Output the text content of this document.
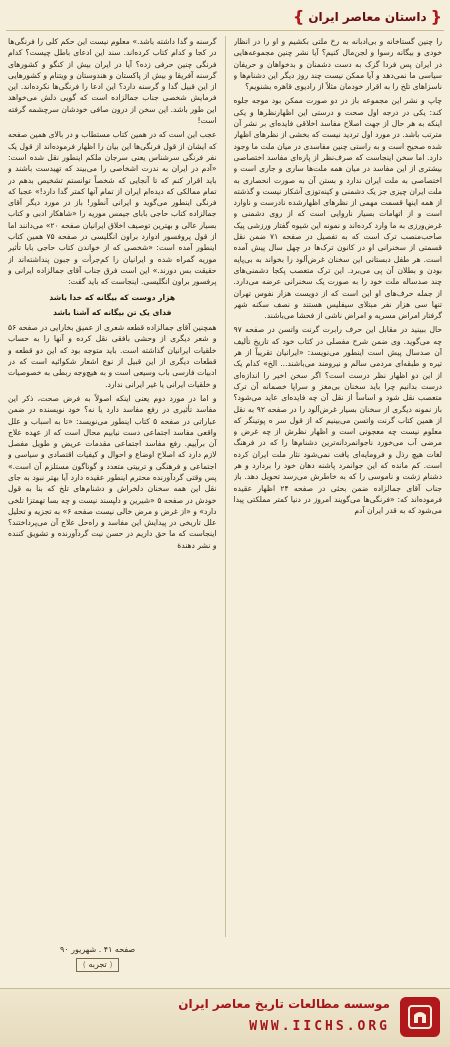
{
داستان معاصر ایران
}

گرسنه و گدا داشته باشد.» معلوم نیست این حکم کلی را فرنگی‌ها در کجا و کدام کتاب کرده‌اند. سند این ادعای باطل چیست؟ کدام فرنگی چنین حرفی زده؟ آیا در ایران بیش از کنگو و کشورهای گرسنه آفریقا و بیش از پاکستان و هندوستان و ویتنام و کشورهایی از این قبیل گدا و گرسنه دارد؟ این ادعا را فرنگی‌ها نکرده‌اند. این فرمایش شخصی جناب جمالزاده است که گویی دلش می‌خواهد این طور باشد. این سخن از درون صافی خودشان سرچشمه گرفته است!

عجب این است که در همین کتاب مستطاب و در بالای همین صفحه که ایشان از قول فرنگی‌ها این بیان را اظهار فرموده‌اند از قول یک نفر فرنگی سرشناس یعنی سرجان ملکم اینطور نقل شده است: «آدم در ایران به ندرت اشخاصی را می‌بیند که تهیدست باشند و باید اقرار کنم که تا آنجایی که شخصاً توانستم تشخیص بدهم در تمام ممالکی که دیده‌ام ایران از تمام آنها کمتر گدا دارد!» عجبا که فرنگی اینطور می‌گوید و ایرانی آنطور! باز در مورد دیگر آقای جمالزاده کتاب حاجی بابای جیمس موریه را «شاهکار ادبی و کتاب بسیار عالی و بهترین توصیف اخلاق ایرانیان صفحه ۲۰» می‌دانند اما از قول پروفسور ادوارد براون انگلیسی در صفحه ۷۵ همین کتاب اینطور آمده است: «شخصی که از خواندن کتاب حاجی بابا تأثیر موریه گمراه شده و ایرانیان را کم‌جرأت و جبون پنداشته‌اند از حقیقت بس دورند.» این است فرق جناب آقای جمالزاده ایرانی و پرفسور براون انگلیسی. اینجاست که باید گفت:

هزار دوست که بیگانه که خدا باشد
فدای یک تن بیگانه که آشنا باشد

همچنین آقای جمالزاده قطعه شعری از عمیق بخارایی در صفحه ۵۶ و شعر دیگری از وحشی بافقی نقل کرده و آنها را به حساب خلقیات ایرانیان گذاشته است. باید متوجه بود که این دو قطعه و قطعات دیگری از این قبیل از نوع اشعار شکوائیه است که در ادبیات فارسی باب وسیعی است و به هیچ‌وجه ربطی به خصوصیات و خلقیات ایرانی یا غیر ایرانی ندارد.

و اما در مورد دوم یعنی اینکه اصولاً به فرض صحت، ذکر این مفاسد تأثیری در رفع مفاسد دارد یا نه؟ خود نویسنده در ضمن عباراتی در صفحه ۵ کتاب اینطور می‌نویسد: «تا به اسباب و علل واقعی مفاسد اجتماعی دست نیابیم محال است که از عهده علاج آن برآییم. رفع مفاسد اجتماعی مقدمات عریض و طویل مفصل لازم دارد که اصلاح اوضاع و احوال و کیفیات اقتصادی و سیاسی و اجتماعی و فرهنگی و تربیتی متعدد و گوناگون مستلزم آن است.» پس وقتی گردآورنده محترم اینطور عقیده دارد آیا بهتر نبود به جای نقل این همه سخنان دلخراش و دشنام‌های تلخ که بنا به قول خودش در صفحه ۵ «شیرین و دلپسند نیست و چه بسا تهمتزا تلخی دارد» و «از غرض و مرض خالی نیست صفحه ۶» به تجزیه و تحلیل علل تاریخی در پیدایش این مفاسد و راه‌حل علاج آن می‌پرداختند؟ اینجاست که ما حق داریم در حسن نیت گردآورنده و تشویق کننده و نشر دهندهٔ

را چنین گستاخانه و بی‌ادبانه به رخ ملتی بکشیم و او را در انظار خودی و بیگانه رسوا و لجن‌مال کنیم؟ آیا نشر چنین مجموعه‌هایی در ایران پس فردا گزک به دست دشمنان و بدخواهان و حریفان سیاسی ما نمی‌دهد و آیا ممکن نیست چند روز دیگر این دشنام‌ها و ناسزاهای تلخ را به اقرار خودمان مثلاً از رادیوی قاهره بشنویم؟

چاپ و نشر این مجموعه باز در دو صورت ممکن بود موجه جلوه کند: یکی در درجه اول صحت و درستی این اظهارنظرها و یکی اینکه به هر حال از جهت اصلاح مفاسد اخلاقی فایده‌ای بر نشر آن مترتب باشد. در مورد اول تردید نیست که بخشی از نظرهای اظهار شده صحیح است و به راستی چنین مفاسدی در میان ملت ما وجود دارد. اما سخن اینجاست که صرف‌نظر از پاره‌ای مفاسد اختصاصی بیشتری از این مفاسد در میان همه ملت‌ها ساری و جاری است و اختصاصی به ملت ایران ندارد و بستن آن به صورت انحصاری به ملت ایران چیزی جز یک دشمنی و کینه‌توزی آشکار نیست و گذشته از همه اینها قسمت مهمی از نظرهای اظهارشده نادرست و ناوارد است و از اتهامات بسیار ناروایی است که از روی دشمنی و غرض‌ورزی به ما وارد کرده‌اند و نمونه این شیوه گفتار ورزشی پیک صاحب‌منصب ترک است که به تفصیل در صفحه ۷۱ ضمن نقل قسمتی از سخنرانی او در کانون ترک‌ها در چهل سال پیش آمده است. هر طفل دبستانی این سخنان غرض‌آلود را بخواند به بی‌پایه بودن و بطلان آن پی می‌برد. این ترک متعصب پکجا دشمنی‌های چند صدساله ملت خود را به صورت یک سخنرانی عرضه می‌دارد. از جمله حرف‌های او این است که از دویست هزار نفوس تهران تنها سی هزار نفر مبتلای سیفلیس هستند و نصف سکنه شهر گرفتار امراض مسریه و امراض ناشی از فحشا می‌باشند.

حال ببینید در مقابل این حرف رابرت گرنت واتسن در صفحه ۹۷ چه می‌گوید. وی ضمن شرح مفصلی در کتاب خود که تاریخ تألیف آن صدسال پیش است اینطور می‌نویسد: «ایرانیان تقریباً از هر تیره و طبقه‌ای مردمی سالم و نیرومند می‌باشند... الخ» کدام یک از این دو اظهار نظر درست است؟ اگر سخن اخیر را اندازه‌ای درست بدانیم چرا باید سخنان بی‌مغز و سراپا خصمانه آن ترک متعصب نقل شود و اساساً از نقل آن چه فایده‌ای عاید می‌شود؟ باز نمونه دیگری از سخنان بسیار غرض‌آلود را در صفحه ۹۲ به نقل از همین کتاب گرنت واتسن می‌بینیم که از قول سر ه پوتینگر که معلوم نیست چه معجونی است و اظهار نظرش از چه غرض و مرضی آب می‌خورد ناجوانمردانه‌ترین دشنام‌ها را که در فرهنگ لغات هیچ رذل و فرومایه‌ای یافت نمی‌شود نثار ملت ایران کرده است. کم مانده که این جوانمرد پاشنه دهان خود را بردارد و هر دشنام زشت و ناموسی را که به خاطرش می‌رسد تحویل دهد. باز جناب آقای جمالزاده ضمن بحثی در صفحه ۲۴ اظهار عقیده فرموده‌اند که: «فرنگی‌ها می‌گویند امروز در دنیا کمتر مملکتی پیدا می‌شود که به قدر ایران آدم

صفحه ۴۱ . شهریور ۹۰
( تجربه )
موسسه مطالعات تاریخ معاصر ایران
WWW.IICHS.ORG
